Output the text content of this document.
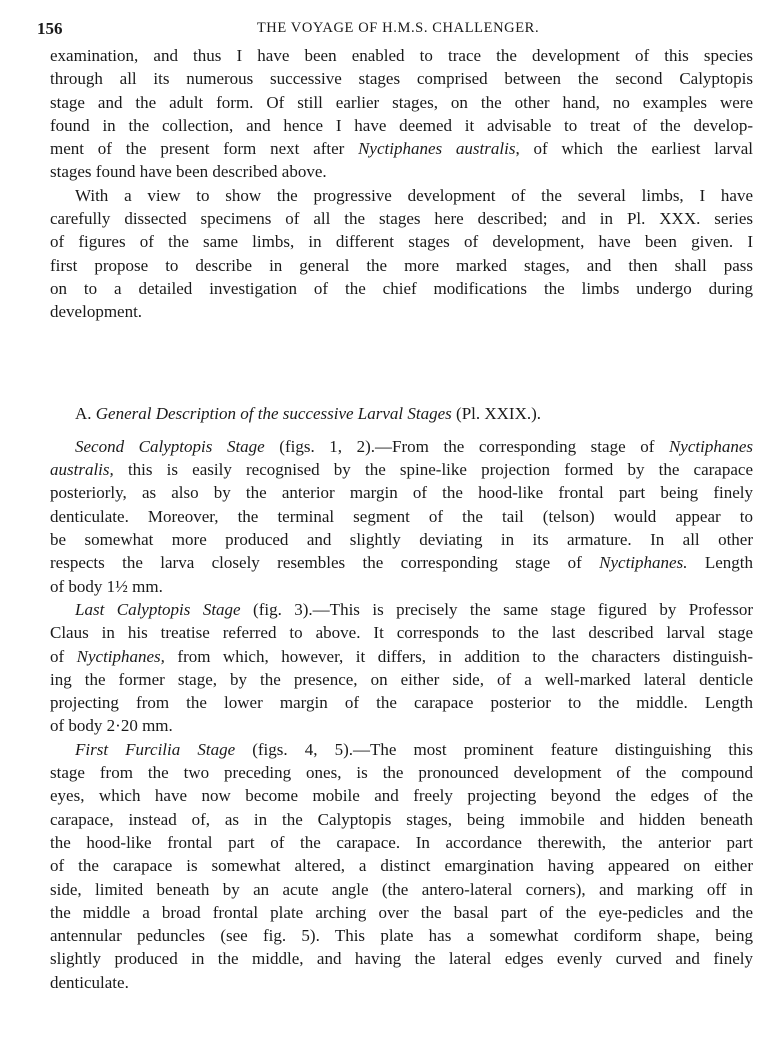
156	THE VOYAGE OF H.M.S. CHALLENGER.
examination, and thus I have been enabled to trace the development of this species
through all its numerous successive stages comprised between the second Calyptopis
stage and the adult form. Of still earlier stages, on the other hand, no examples were
found in the collection, and hence I have deemed it advisable to treat of the develop-
ment of the present form next after Nyctiphanes australis, of which the earliest larval
stages found have been described above.
With a view to show the progressive development of the several limbs, I have
carefully dissected specimens of all the stages here described; and in Pl. XXX. series
of figures of the same limbs, in different stages of development, have been given. I
first propose to describe in general the more marked stages, and then shall pass
on to a detailed investigation of the chief modifications the limbs undergo during
development.
A. General Description of the successive Larval Stages (Pl. XXIX.).
Second Calyptopis Stage (figs. 1, 2).—From the corresponding stage of Nyctiphanes
australis, this is easily recognised by the spine-like projection formed by the carapace
posteriorly, as also by the anterior margin of the hood-like frontal part being finely
denticulate. Moreover, the terminal segment of the tail (telson) would appear to
be somewhat more produced and slightly deviating in its armature. In all other
respects the larva closely resembles the corresponding stage of Nyctiphanes. Length
of body 1½ mm.
Last Calyptopis Stage (fig. 3).—This is precisely the same stage figured by Professor
Claus in his treatise referred to above. It corresponds to the last described larval stage
of Nyctiphanes, from which, however, it differs, in addition to the characters distinguish-
ing the former stage, by the presence, on either side, of a well-marked lateral denticle
projecting from the lower margin of the carapace posterior to the middle. Length
of body 2·20 mm.
First Furcilia Stage (figs. 4, 5).—The most prominent feature distinguishing this
stage from the two preceding ones, is the pronounced development of the compound
eyes, which have now become mobile and freely projecting beyond the edges of the
carapace, instead of, as in the Calyptopis stages, being immobile and hidden beneath
the hood-like frontal part of the carapace. In accordance therewith, the anterior part
of the carapace is somewhat altered, a distinct emargination having appeared on either
side, limited beneath by an acute angle (the antero-lateral corners), and marking off in
the middle a broad frontal plate arching over the basal part of the eye-pedicles and the
antennular peduncles (see fig. 5). This plate has a somewhat cordiform shape, being
slightly produced in the middle, and having the lateral edges evenly curved and finely
denticulate.
